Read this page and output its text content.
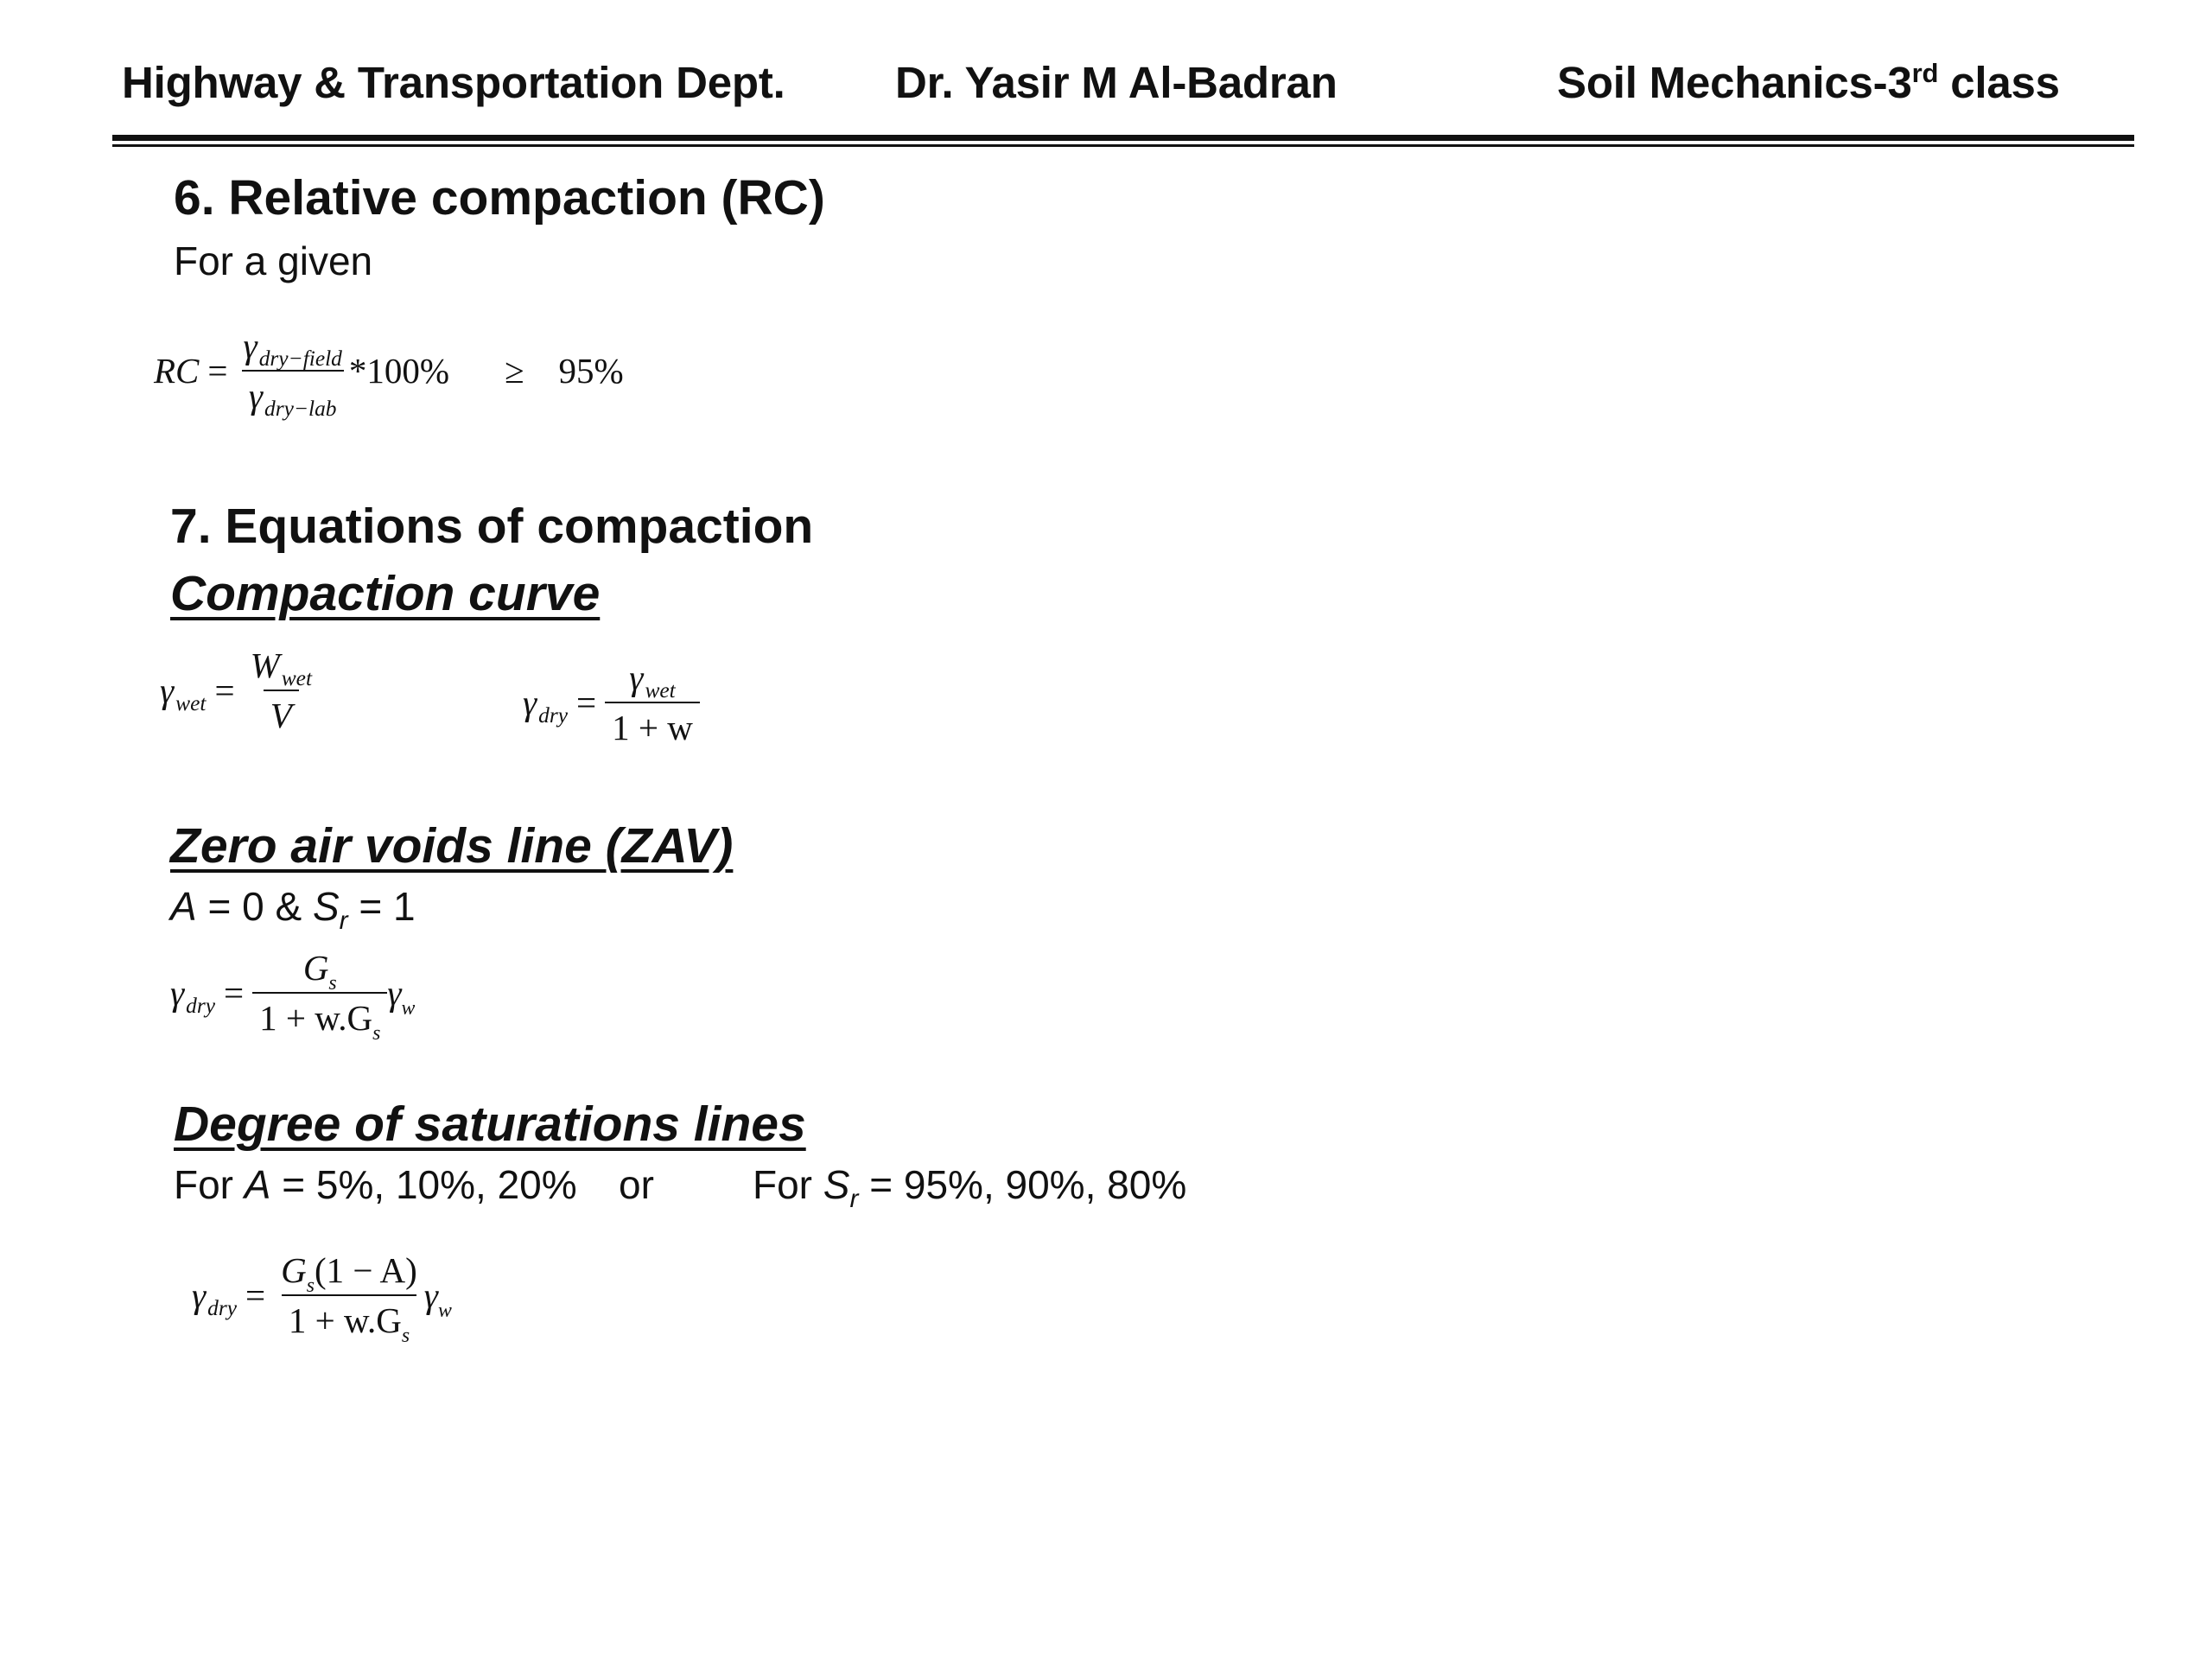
Highway & Transportation Dept. Dr. Yasir M Al-Badran	Soil Mechanics-3rd class
6. Relative compaction (RC)
For a given
RC = $\frac{\gamma_{dry-field}}{\gamma_{dry-lab}} *100\%$	≥ 95%
7. Equations of compaction
Compaction curve
$\gamma_{wet} = \frac{W_{wet}}{V}$	$\gamma_{dry} = \frac{\gamma_{wet}}{1 + w}$
Zero air voids line (ZAV)
A = 0 & $S_r = 1$
$\gamma_{dry} = \frac{G_s}{1 + w.G_s} \gamma_w$
Degree of saturations lines
For A = 5%, 10%, 20% or For $S_r = 95\%$, 90%, 80%
$\gamma_{dry} = \frac{G_s(1 - A)}{1 + w.G_s} \gamma_w$
